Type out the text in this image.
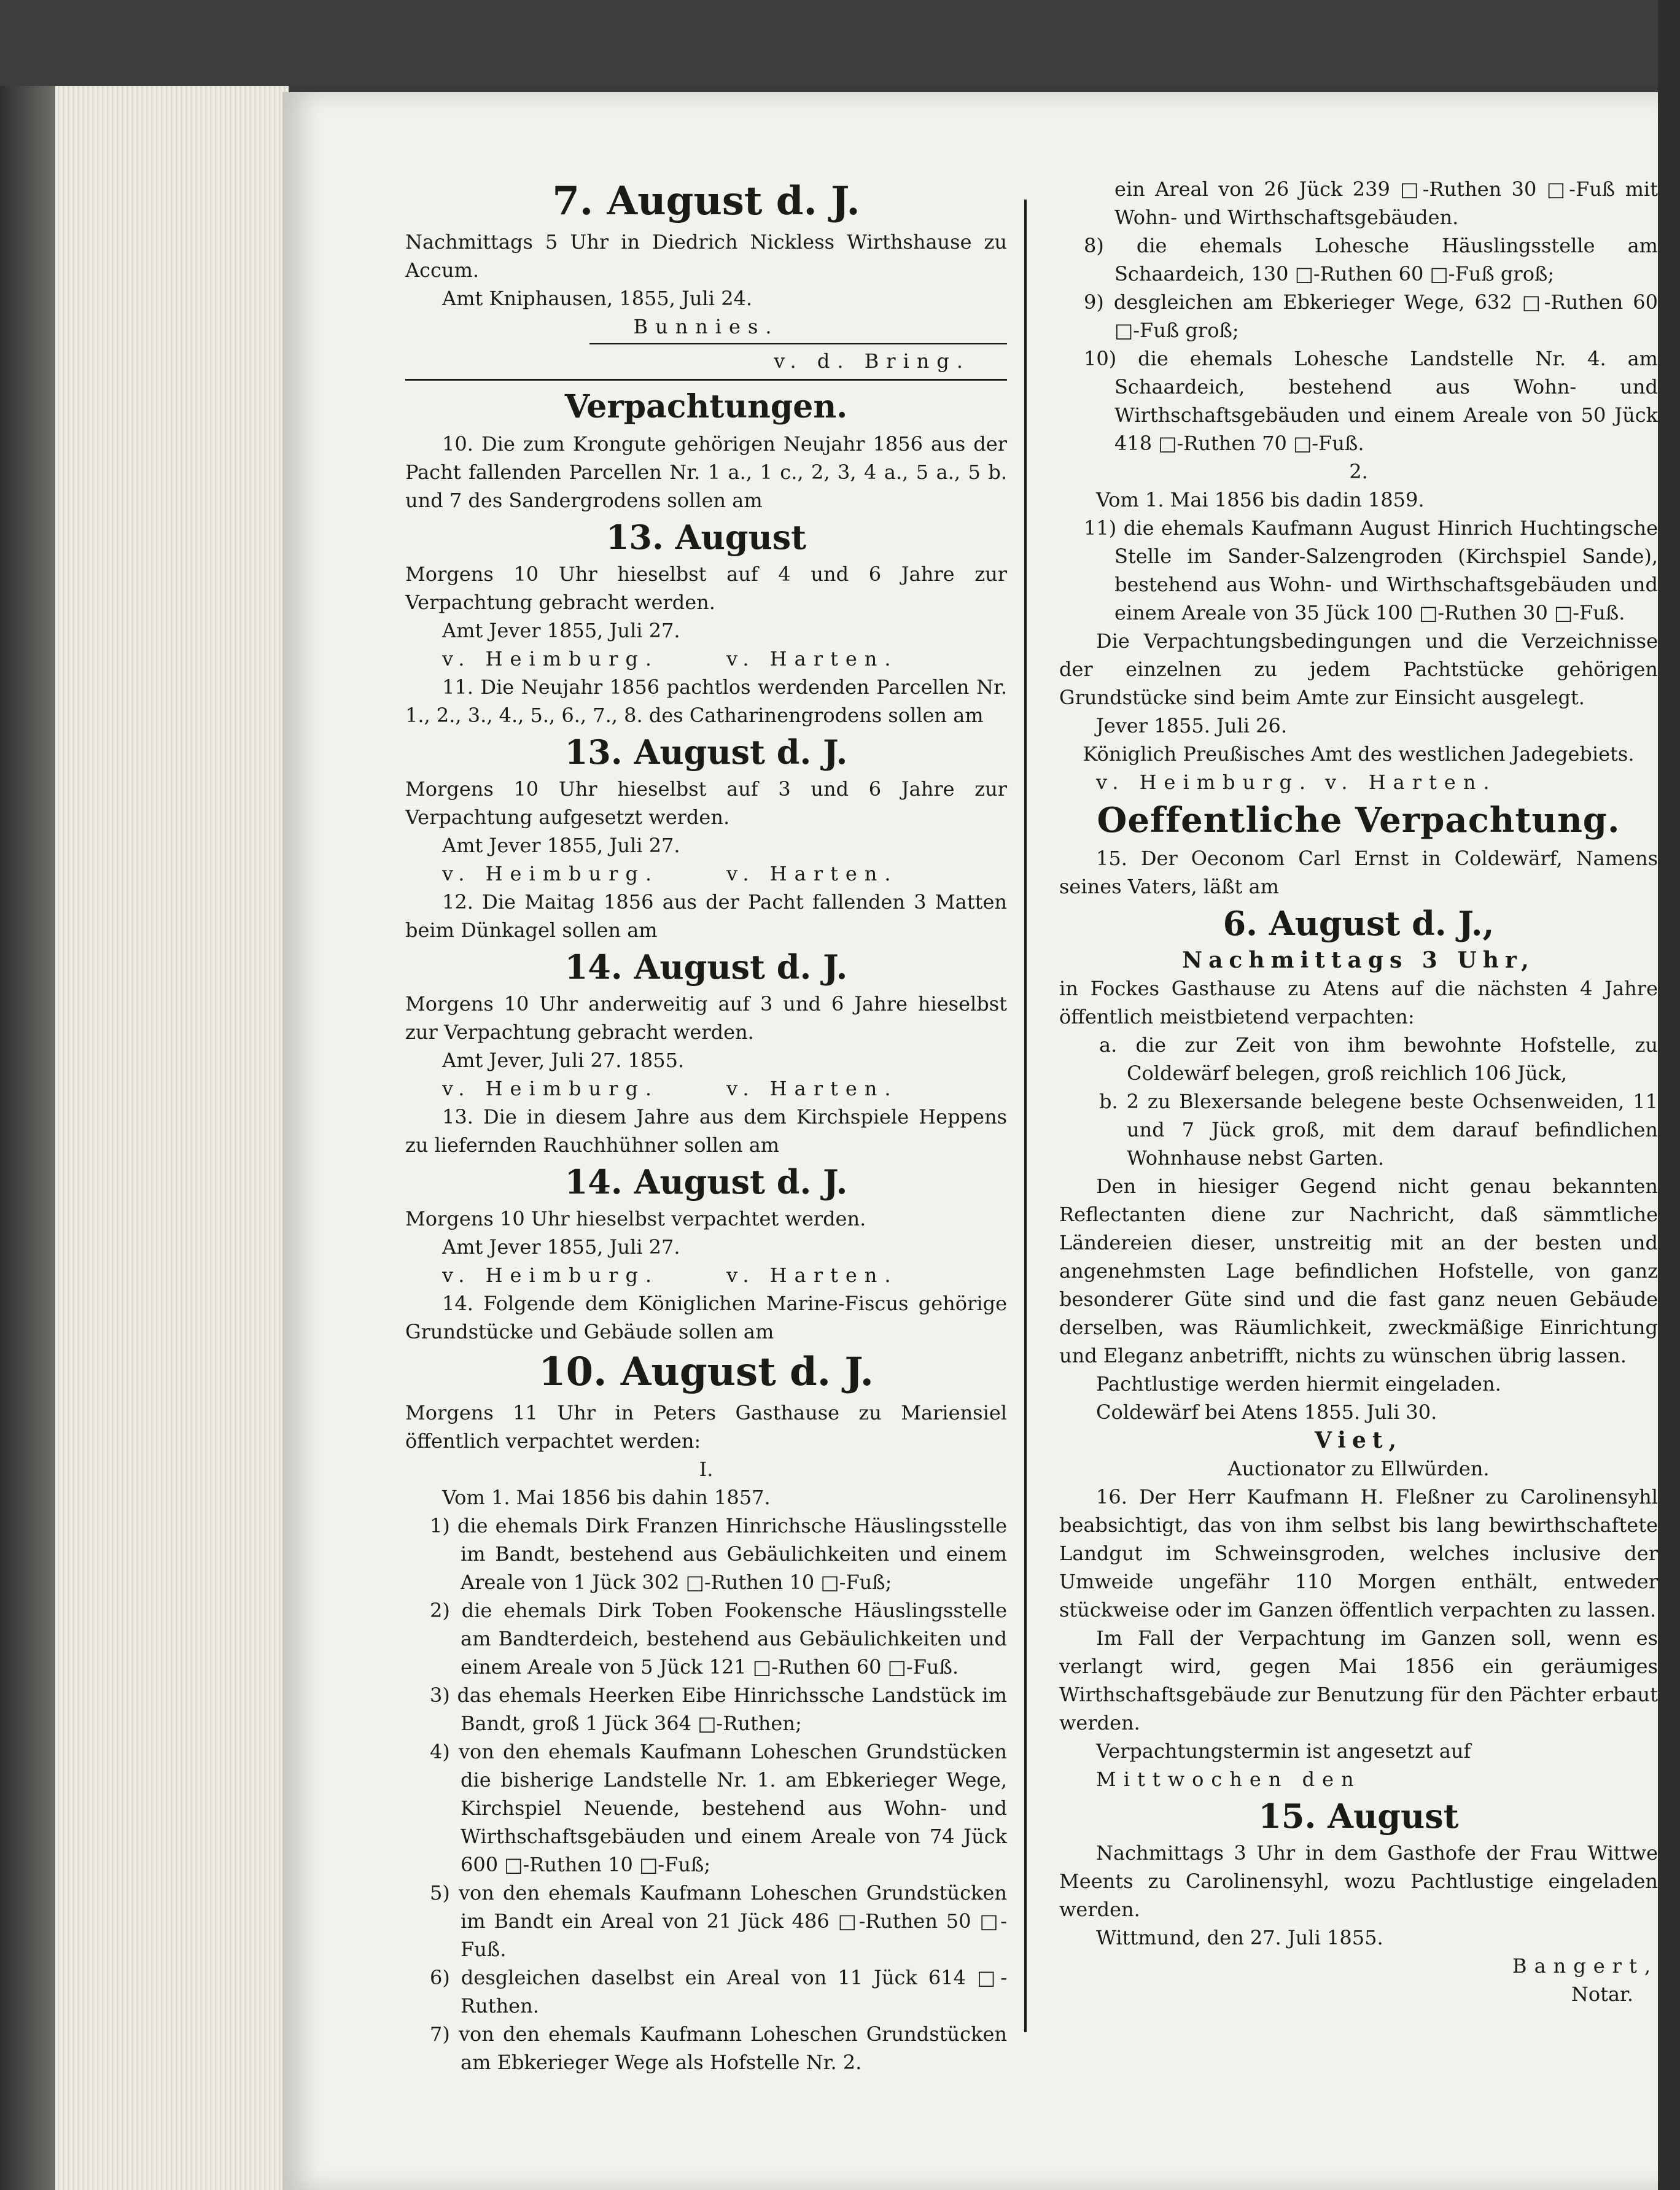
7. August d. J.

Nachmittags 5 Uhr in Diedrich Nickless Wirthshause zu Accum.

Amt Kniphausen, 1855, Juli 24.

Bunnies.

v. d. Bring.

Verpachtungen.

10. Die zum Krongute gehörigen Neujahr 1856 aus der Pacht fallenden Parcellen Nr. 1 a., 1 c., 2, 3, 4 a., 5 a., 5 b. und 7 des Sandergrodens sollen am

13. August

Morgens 10 Uhr hieselbst auf 4 und 6 Jahre zur Verpachtung gebracht werden.

Amt Jever 1855, Juli 27.

v. Heimburg.	v. Harten.

11. Die Neujahr 1856 pachtlos werdenden Parcellen Nr. 1., 2., 3., 4., 5., 6., 7., 8. des Catharinengrodens sollen am

13. August d. J.

Morgens 10 Uhr hieselbst auf 3 und 6 Jahre zur Verpachtung aufgesetzt werden.

Amt Jever 1855, Juli 27.

v. Heimburg.	v. Harten.

12. Die Maitag 1856 aus der Pacht fallenden 3 Matten beim Dünkagel sollen am

14. August d. J.

Morgens 10 Uhr anderweitig auf 3 und 6 Jahre hieselbst zur Verpachtung gebracht werden.

Amt Jever, Juli 27. 1855.

v. Heimburg.	v. Harten.

13. Die in diesem Jahre aus dem Kirchspiele Heppens zu liefernden Rauchhühner sollen am

14. August d. J.

Morgens 10 Uhr hieselbst verpachtet werden.

Amt Jever 1855, Juli 27.

v. Heimburg.	v. Harten.

14. Folgende dem Königlichen Marine-Fiscus gehörige Grundstücke und Gebäude sollen am

10. August d. J.

Morgens 11 Uhr in Peters Gasthause zu Mariensiel öffentlich verpachtet werden:

I.

Vom 1. Mai 1856 bis dahin 1857.

1) die ehemals Dirk Franzen Hinrichsche Häuslingsstelle im Bandt, bestehend aus Gebäulichkeiten und einem Areale von 1 Jück 302 □-Ruthen 10 □-Fuß;

2) die ehemals Dirk Toben Fookensche Häuslingsstelle am Bandterdeich, bestehend aus Gebäulichkeiten und einem Areale von 5 Jück 121 □-Ruthen 60 □-Fuß.

3) das ehemals Heerken Eibe Hinrichssche Landstück im Bandt, groß 1 Jück 364 □-Ruthen;

4) von den ehemals Kaufmann Loheschen Grundstücken die bisherige Landstelle Nr. 1. am Ebkerieger Wege, Kirchspiel Neuende, bestehend aus Wohn- und Wirthschaftsgebäuden und einem Areale von 74 Jück 600 □-Ruthen 10 □-Fuß;

5) von den ehemals Kaufmann Loheschen Grundstücken im Bandt ein Areal von 21 Jück 486 □-Ruthen 50 □-Fuß.

6) desgleichen daselbst ein Areal von 11 Jück 614 □-Ruthen.

7) von den ehemals Kaufmann Loheschen Grundstücken am Ebkerieger Wege als Hofstelle Nr. 2.

ein Areal von 26 Jück 239 □-Ruthen 30 □-Fuß mit Wohn- und Wirthschaftsgebäuden.

8) die ehemals Lohesche Häuslingsstelle am Schaardeich, 130 □-Ruthen 60 □-Fuß groß;

9) desgleichen am Ebkerieger Wege, 632 □-Ruthen 60 □-Fuß groß;

10) die ehemals Lohesche Landstelle Nr. 4. am Schaardeich, bestehend aus Wohn- und Wirthschaftsgebäuden und einem Areale von 50 Jück 418 □-Ruthen 70 □-Fuß.

2.

Vom 1. Mai 1856 bis dadin 1859.

11) die ehemals Kaufmann August Hinrich Huchtingsche Stelle im Sander-Salzengroden (Kirchspiel Sande), bestehend aus Wohn- und Wirthschaftsgebäuden und einem Areale von 35 Jück 100 □-Ruthen 30 □-Fuß.

Die Verpachtungsbedingungen und die Verzeichnisse der einzelnen zu jedem Pachtstücke gehörigen Grundstücke sind beim Amte zur Einsicht ausgelegt.

Jever 1855. Juli 26.

Königlich Preußisches Amt des westlichen Jadegebiets.

v. Heimburg. v. Harten.

Oeffentliche Verpachtung.

15. Der Oeconom Carl Ernst in Coldewärf, Namens seines Vaters, läßt am

6. August d. J.,

Nachmittags 3 Uhr,

in Fockes Gasthause zu Atens auf die nächsten 4 Jahre öffentlich meistbietend verpachten:

a. die zur Zeit von ihm bewohnte Hofstelle, zu Coldewärf belegen, groß reichlich 106 Jück,

b. 2 zu Blexersande belegene beste Ochsenweiden, 11 und 7 Jück groß, mit dem darauf befindlichen Wohnhause nebst Garten.

Den in hiesiger Gegend nicht genau bekannten Reflectanten diene zur Nachricht, daß sämmtliche Ländereien dieser, unstreitig mit an der besten und angenehmsten Lage befindlichen Hofstelle, von ganz besonderer Güte sind und die fast ganz neuen Gebäude derselben, was Räumlichkeit, zweckmäßige Einrichtung und Eleganz anbetrifft, nichts zu wünschen übrig lassen.

Pachtlustige werden hiermit eingeladen.

Coldewärf bei Atens 1855. Juli 30.

Viet,

Auctionator zu Ellwürden.

16. Der Herr Kaufmann H. Fleßner zu Carolinensyhl beabsichtigt, das von ihm selbst bis lang bewirthschaftete Landgut im Schweinsgroden, welches inclusive der Umweide ungefähr 110 Morgen enthält, entweder stückweise oder im Ganzen öffentlich verpachten zu lassen.

Im Fall der Verpachtung im Ganzen soll, wenn es verlangt wird, gegen Mai 1856 ein geräumiges Wirthschaftsgebäude zur Benutzung für den Pächter erbaut werden.

Verpachtungstermin ist angesetzt auf

Mittwochen den

15. August

Nachmittags 3 Uhr in dem Gasthofe der Frau Wittwe Meents zu Carolinensyhl, wozu Pachtlustige eingeladen werden.

Wittmund, den 27. Juli 1855.

Bangert,

Notar.
